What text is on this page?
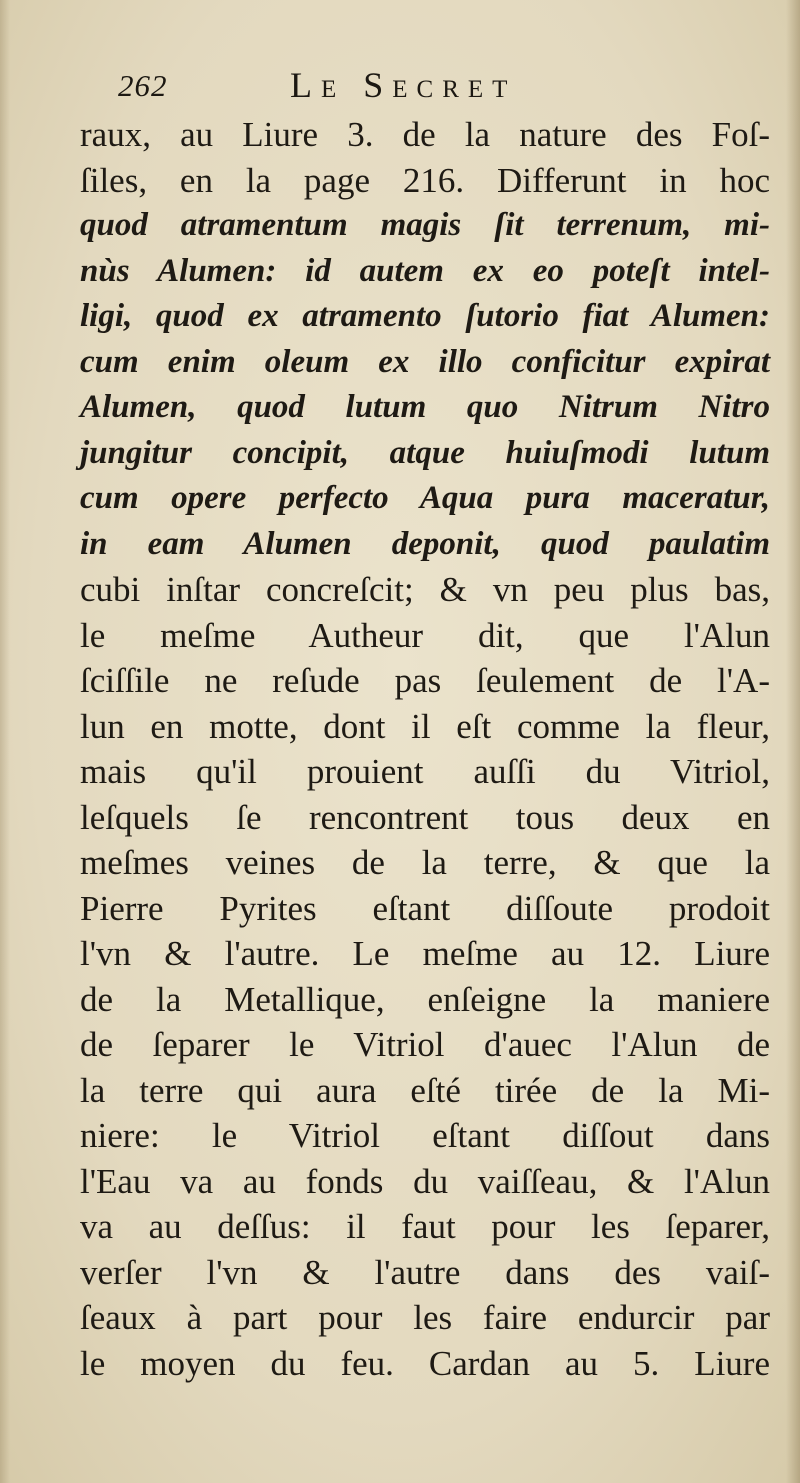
262	Le Secret
raux, au Liure 3. de la nature des Foſ-
ſiles, en la page 216. Differunt in hoc
quod atramentum magis ſit terrenum, mi-
nùs Alumen: id autem ex eo poteſt intel-
ligi, quod ex atramento ſutorio fiat Alumen:
cum enim oleum ex illo conficitur expirat
Alumen, quod lutum quo Nitrum Nitro
jungitur concipit, atque huiuſmodi lutum
cum opere perfecto Aqua pura maceratur,
in eam Alumen deponit, quod paulatim
cubi inſtar concreſcit; & vn peu plus bas,
le meſme Autheur dit, que l'Alun
ſciſſile ne reſude pas ſeulement de l'A-
lun en motte, dont il eſt comme la fleur,
mais qu'il prouient auſſi du Vitriol,
leſquels ſe rencontrent tous deux en
meſmes veines de la terre, & que la
Pierre Pyrites eſtant diſſoute prodoit
l'vn & l'autre. Le meſme au 12. Liure
de la Metallique, enſeigne la maniere
de ſeparer le Vitriol d'auec l'Alun de
la terre qui aura eſté tirée de la Mi-
niere: le Vitriol eſtant diſſout dans
l'Eau va au fonds du vaiſſeau, & l'Alun
va au deſſus: il faut pour les ſeparer,
verſer l'vn & l'autre dans des vaiſ-
ſeaux à part pour les faire endurcir par
le moyen du feu. Cardan au 5. Liure
